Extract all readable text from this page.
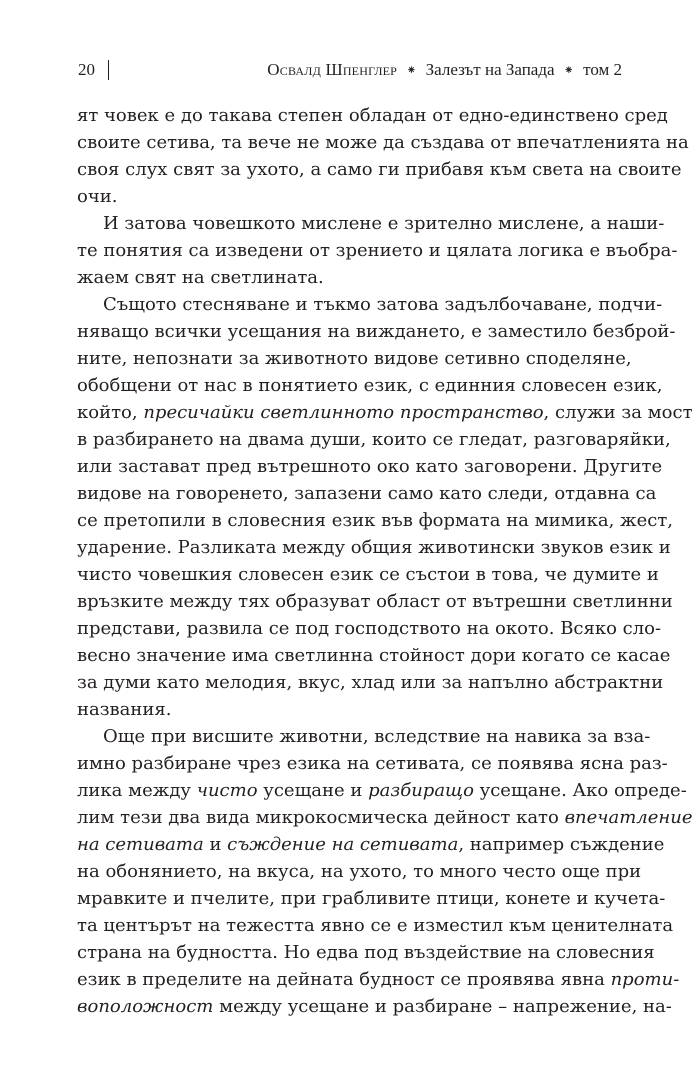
20	Освалд Шпенглер ⁕ Залезът на Запада ⁕ том 2

ят човек е до такава степен обладан от едно-единствено сред
своите сетива, та вече не може да създава от впечатленията на
своя слух свят за ухото, а само ги прибавя към света на своите
очи.

И затова човешкото мислене е зрително мислене, а наши-
те понятия са изведени от зрението и цялата логика е въобра-
жаем свят на светлината.

Същото стесняване и тъкмо затова задълбочаване, подчи-
няващо всички усещания на виждането, е заместило безброй-
ните, непознати за животното видове сетивно споделяне,
обобщени от нас в понятието език, с единния словесен език,
който, пресичайки светлинното пространство, служи за мост
в разбирането на двама души, които се гледат, разговаряйки,
или застават пред вътрешното око като заговорени. Другите
видове на говоренето, запазени само като следи, отдавна са
се претопили в словесния език във формата на мимика, жест,
ударение. Разликата между общия животински звуков език и
чисто човешкия словесен език се състои в това, че думите и
връзките между тях образуват област от вътрешни светлинни
представи, развила се под господството на окото. Всяко сло-
весно значение има светлинна стойност дори когато се касае
за думи като мелодия, вкус, хлад или за напълно абстрактни
названия.

Още при висшите животни, вследствие на навика за вза-
имно разбиране чрез езика на сетивата, се появява ясна раз-
лика между чисто усещане и разбиращо усещане. Ако опреде-
лим тези два вида микрокосмическа дейност като впечатление
на сетивата и съждение на сетивата, например съждение
на обонянието, на вкуса, на ухото, то много често още при
мравките и пчелите, при грабливите птици, конете и кучета-
та центърът на тежестта явно се е изместил към ценителната
страна на будността. Но едва под въздействие на словесния
език в пределите на дейната будност се проявява явна проти-
воположност между усещане и разбиране – напрежение, на-
